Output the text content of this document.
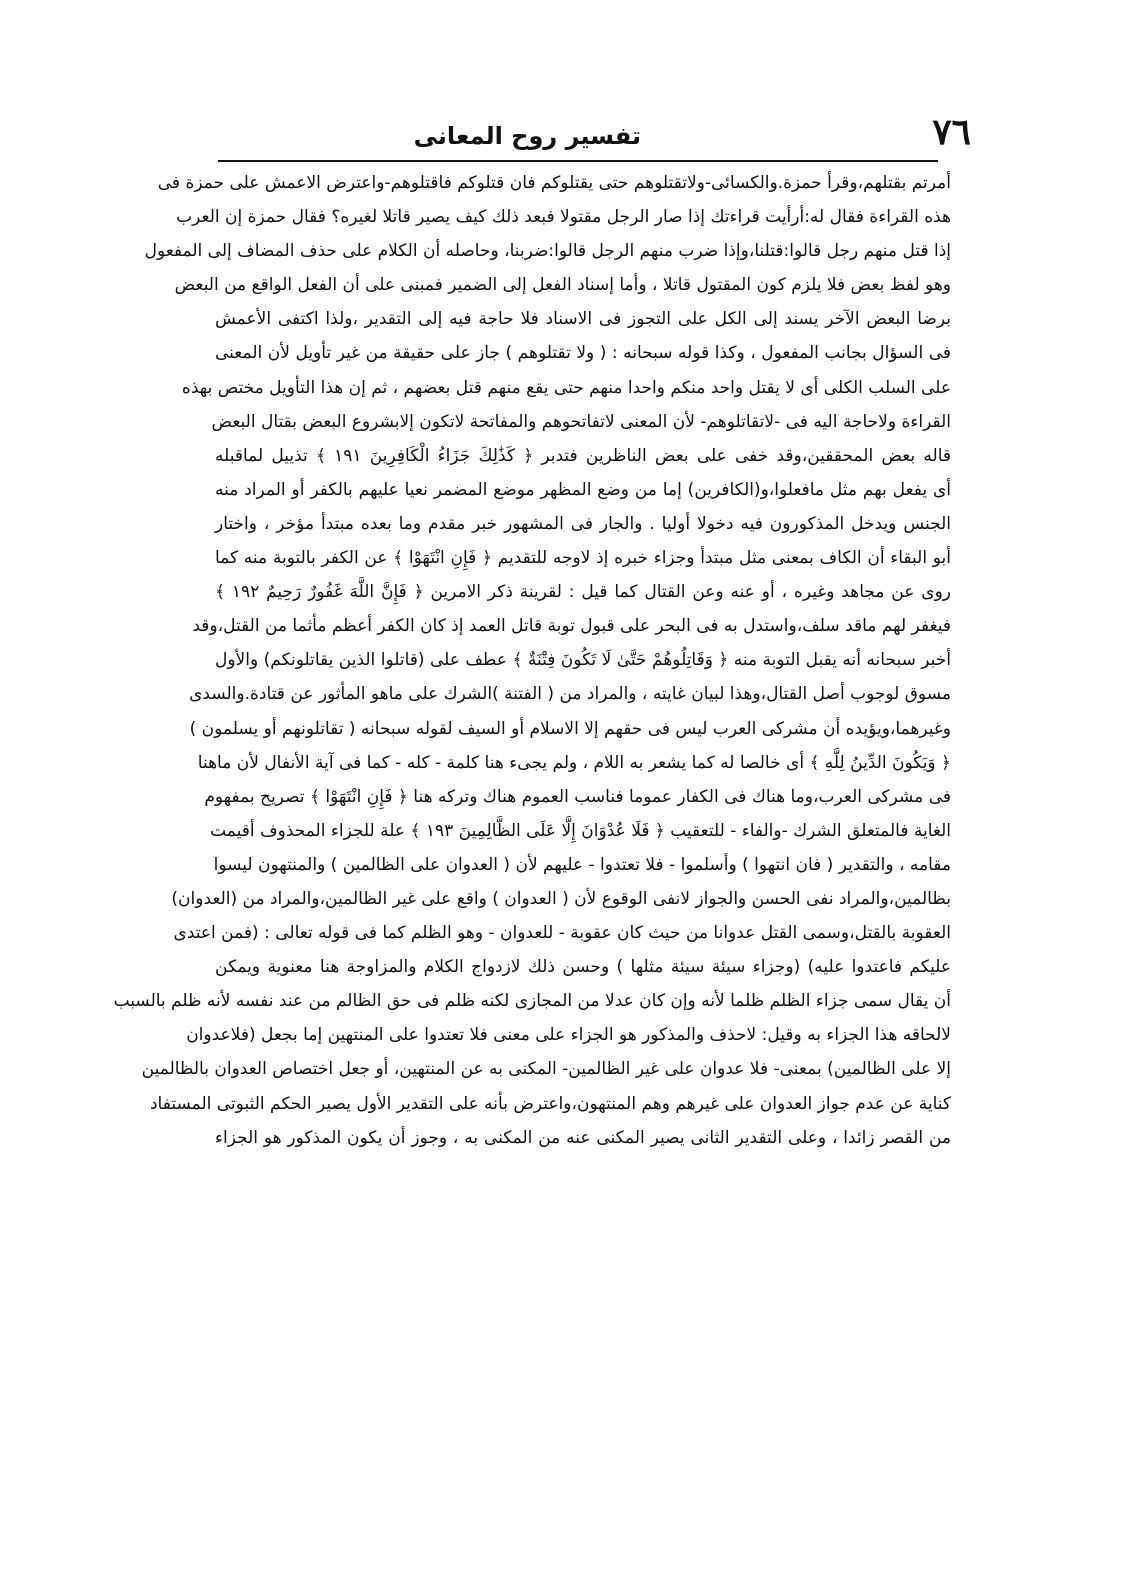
٧٦
تفسير روح المعانى
أمرتم بقتلهم،وقرأ حمزة.والكسائى-ولاتقتلوهم حتى يقتلوكم فان قتلوكم فاقتلوهم-واعترض الاعمش على حمزة فى
هذه القراءة فقال له:أرأيت قراءتك إذا صار الرجل مقتولا فبعد ذلك كيف يصير قاتلا لغيره؟ فقال حمزة إن العرب
إذا قتل منهم رجل قالوا:قتلنا،وإذا ضرب منهم الرجل قالوا:ضربنا، وحاصله أن الكلام على حذف المضاف إلى المفعول
وهو لفظ بعض فلا يلزم كون المقتول قاتلا ، وأما إسناد الفعل إلى الضمير فمبنى على أن الفعل الواقع من البعض
برضا البعض الآخر يسند إلى الكل على التجوز فى الاسناد فلا حاجة فيه إلى التقدير ،ولذا اكتفى الأعمش
فى السؤال بجانب المفعول ، وكذا قوله سبحانه : ( ولا تقتلوهم ) جاز على حقيقة من غير تأويل لأن المعنى
على السلب الكلى أى لا يقتل واحد منكم واحدا منهم حتى يقع منهم قتل بعضهم ، ثم إن هذا التأويل مختص بهذه
القراءة ولاحاجة اليه فى -لاتقاتلوهم- لأن المعنى لاتفاتحوهم والمفاتحة لاتكون إلابشروع البعض بقتال البعض
قاله بعض المحققين،وقد خفى على بعض الناظرين فتدبر ﴿ كَذَٰلِكَ جَزَاءُ الْكَافِرِينَ ١٩١ ﴾ تذييل لماقبله
أى يفعل بهم مثل مافعلوا،و(الكافرين) إما من وضع المظهر موضع المضمر نعيا عليهم بالكفر أو المراد منه
الجنس ويدخل المذكورون فيه دخولا أوليا . والجار فى المشهور خبر مقدم وما بعده مبتدأ مؤخر ، واختار
أبو البقاء أن الكاف بمعنى مثل مبتدأ وجزاء خبره إذ لاوجه للتقديم ﴿ فَإِنِ انْتَهَوْا ﴾ عن الكفر بالتوبة منه كما
روى عن مجاهد وغيره ، أو عنه وعن القتال كما قيل : لقرينة ذكر الامرين ﴿ فَإِنَّ اللَّهَ غَفُورٌ رَحِيمٌ ١٩٢ ﴾
فيغفر لهم ماقد سلف،واستدل به فى البحر على قبول توبة قاتل العمد إذ كان الكفر أعظم مأثما من القتل،وقد
أخبر سبحانه أنه يقبل التوبة منه ﴿ وَقَاتِلُوهُمْ حَتَّىٰ لَا تَكُونَ فِتْنَةٌ ﴾ عطف على (قاتلوا الذين يقاتلونكم) والأول
مسوق لوجوب أصل القتال،وهذا لبيان غايته ، والمراد من ( الفتنة )الشرك على ماهو المأثور عن قتادة.والسدى
وغيرهما،ويؤيده أن مشركى العرب ليس فى حقهم إلا الاسلام أو السيف لقوله سبحانه ( تقاتلونهم أو يسلمون )
﴿ وَيَكُونَ الدِّينُ لِلَّهِ ﴾ أى خالصا له كما يشعر به اللام ، ولم يجىء هنا كلمة - كله - كما فى آية الأنفال لأن ماهنا
فى مشركى العرب،وما هناك فى الكفار عموما فناسب العموم هناك وتركه هنا ﴿ فَإِنِ انْتَهَوْا ﴾ تصريح بمفهوم
الغاية فالمتعلق الشرك -والفاء - للتعقيب ﴿ فَلَا عُدْوَانَ إِلَّا عَلَى الظَّالِمِينَ ١٩٣ ﴾ علة للجزاء المحذوف أقيمت
مقامه ، والتقدير ( فان انتهوا ) وأسلموا - فلا تعتدوا - عليهم لأن ( العدوان على الظالمين ) والمنتهون ليسوا
بظالمين،والمراد نفى الحسن والجواز لانفى الوقوع لأن ( العدوان ) واقع على غير الظالمين،والمراد من (العدوان)
العقوبة بالقتل،وسمى القتل عدوانا من حيث كان عقوبة - للعدوان - وهو الظلم كما فى قوله تعالى : (فمن اعتدى
عليكم فاعتدوا عليه) (وجزاء سيئة سيئة مثلها ) وحسن ذلك لازدواج الكلام والمزاوجة هنا معنوية ويمكن
أن يقال سمى جزاء الظلم ظلما لأنه وإن كان عدلا من المجازى لكنه ظلم فى حق الظالم من عند نفسه لأنه ظلم بالسبب
لالحاقه هذا الجزاء به وقيل: لاحذف والمذكور هو الجزاء على معنى فلا تعتدوا على المنتهين إما بجعل (فلاعدوان
إلا على الظالمين) بمعنى- فلا عدوان على غير الظالمين- المكنى به عن المنتهين، أو جعل اختصاص العدوان بالظالمين
كناية عن عدم جواز العدوان على غيرهم وهم المنتهون،واعترض بأنه على التقدير الأول يصير الحكم الثبوتى المستفاد
من القصر زائدا ، وعلى التقدير الثانى يصير المكنى عنه من المكنى به ، وجوز أن يكون المذكور هو الجزاء
